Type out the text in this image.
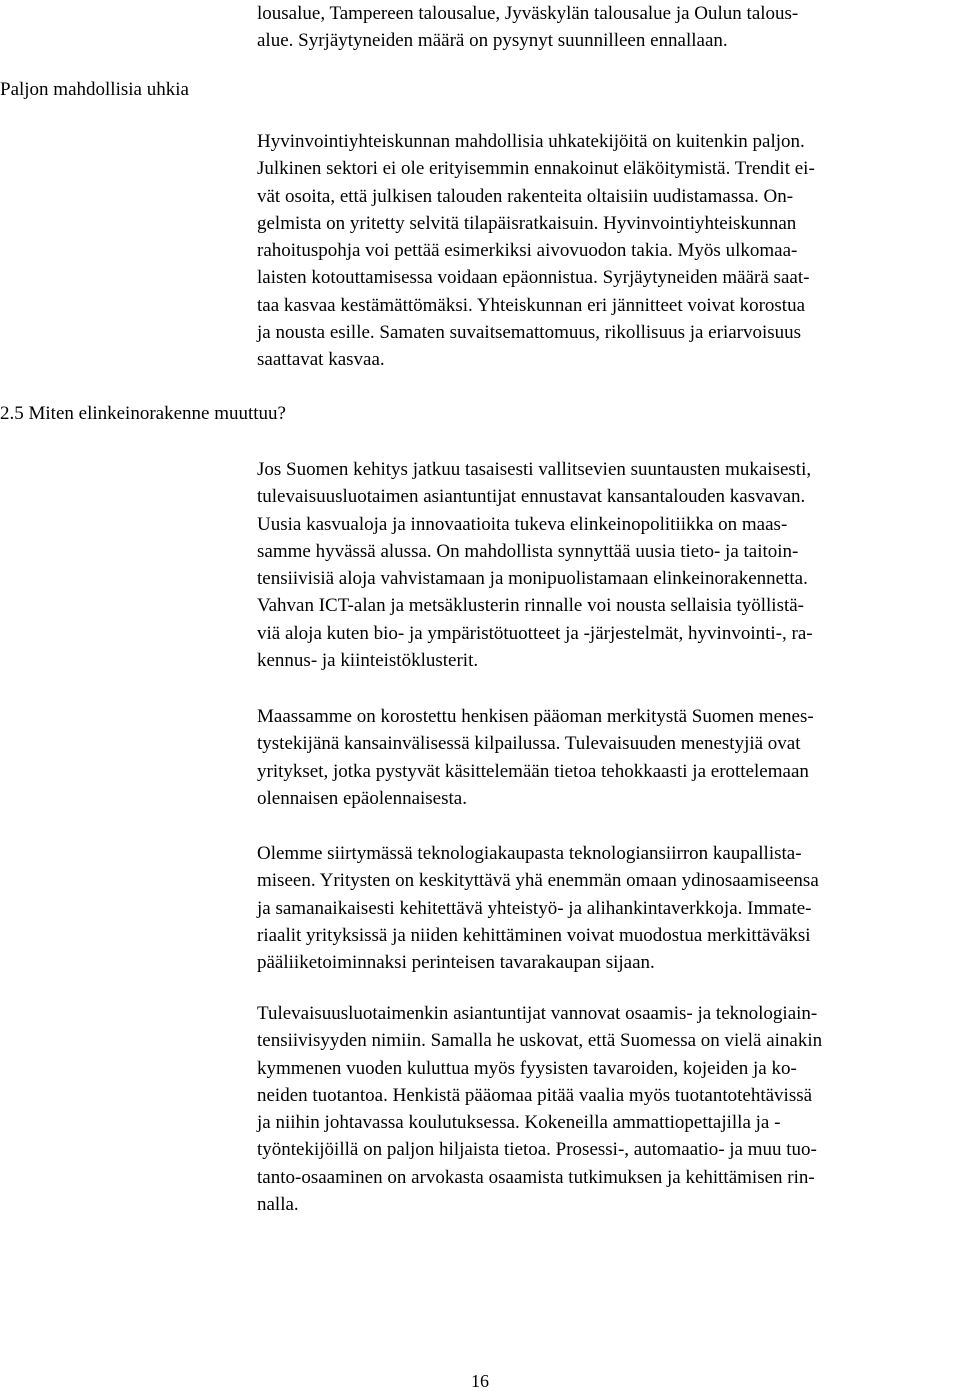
Paljon mahdollisia uhkia
2.5 Miten elinkeinorakenne muuttuu?
lousalue, Tampereen talousalue, Jyväskylän talousalue ja Oulun talous-
alue. Syrjäytyneiden määrä on pysynyt suunnilleen ennallaan.
Hyvinvointiyhteiskunnan mahdollisia uhkatekijöitä on kuitenkin paljon.
Julkinen sektori ei ole erityisemmin ennakoinut eläköitymistä. Trendit ei-
vät osoita, että julkisen talouden rakenteita oltaisiin uudistamassa. On-
gelmista on yritetty selvitä tilapäisratkaisuin. Hyvinvointiyhteiskunnan
rahoituspohja voi pettää esimerkiksi aivovuodon takia. Myös ulkomaa-
laisten kotouttamisessa voidaan epäonnistua. Syrjäytyneiden määrä saat-
taa kasvaa kestämättömäksi. Yhteiskunnan eri jännitteet voivat korostua
ja nousta esille. Samaten suvaitsemattomuus, rikollisuus ja eriarvoisuus
saattavat kasvaa.
Jos Suomen kehitys jatkuu tasaisesti vallitsevien suuntausten mukaisesti,
tulevaisuusluotaimen asiantuntijat ennustavat kansantalouden kasvavan.
Uusia kasvualoja ja innovaatioita tukeva elinkeinopolitiikka on maas-
samme hyvässä alussa. On mahdollista synnyttää uusia tieto- ja taitoin-
tensiivisiä aloja vahvistamaan ja monipuolistamaan elinkeinorakennetta.
Vahvan ICT-alan ja metsäklusterin rinnalle voi nousta sellaisia työllistä-
viä aloja kuten bio- ja ympäristötuotteet ja -järjestelmät, hyvinvointi-, ra-
kennus- ja kiinteistöklusterit.
Maassamme on korostettu henkisen pääoman merkitystä Suomen menes-
tystekijänä kansainvälisessä kilpailussa. Tulevaisuuden menestyjiä ovat
yritykset, jotka pystyvät käsittelemään tietoa tehokkaasti ja erottelemaan
olennaisen epäolennaisesta.
Olemme siirtymässä teknologiakaupasta teknologiansiirron kaupallista-
miseen. Yritysten on keskityttävä yhä enemmän omaan ydinosaamiseensa
ja samanaikaisesti kehitettävä yhteistyö- ja alihankintaverkkoja. Immate-
riaalit yrityksissä ja niiden kehittäminen voivat muodostua merkittäväksi
pääliiketoiminnaksi perinteisen tavarakaupan sijaan.
Tulevaisuusluotaimenkin asiantuntijat vannovat osaamis- ja teknologiain-
tensiivisyyden nimiin. Samalla he uskovat, että Suomessa on vielä ainakin
kymmenen vuoden kuluttua myös fyysisten tavaroiden, kojeiden ja ko-
neiden tuotantoa. Henkistä pääomaa pitää vaalia myös tuotantotehtävissä
ja niihin johtavassa koulutuksessa. Kokeneilla ammattiopettajilla ja -
työntekijöillä on paljon hiljaista tietoa. Prosessi-, automaatio- ja muu tuo-
tanto-osaaminen on arvokasta osaamista tutkimuksen ja kehittämisen rin-
nalla.
16
